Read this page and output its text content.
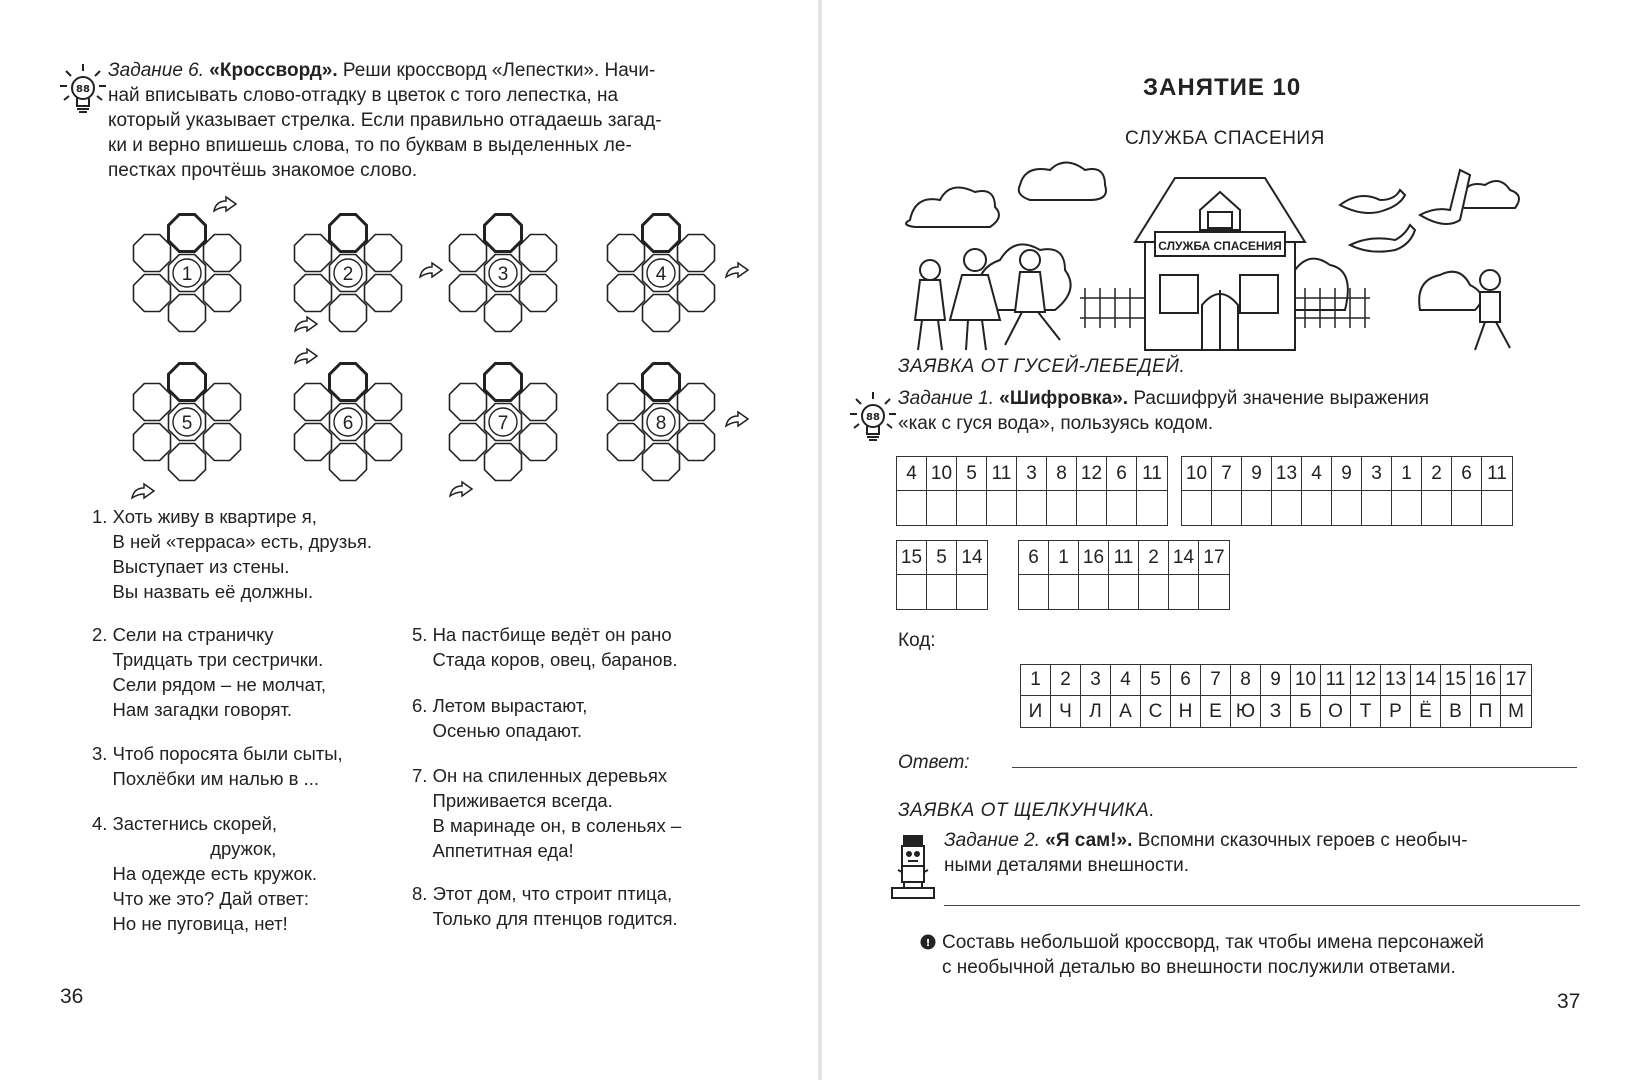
88
Задание 6. «Кроссворд». Реши кроссворд «Лепестки». Начи-
най вписывать слово-отгадку в цветок с того лепестка, на
который указывает стрелка. Если правильно отгадаешь загад-
ки и верно впишешь слова, то по буквам в выделенных ле-
пестках прочтёшь знакомое слово.
1	2	3	4
5	6	7	8
1. Хоть живу в квартире я,
В ней «терраса» есть, друзья.
Выступает из стены.
Вы назвать её должны.
2. Сели на страничку
Тридцать три сестрички.
Сели рядом – не молчат,
Нам загадки говорят.
3. Чтоб поросята были сыты,
Похлёбки им налью в ...
4. Застегнись скорей,
дружок,
На одежде есть кружок.
Что же это? Дай ответ:
Но не пуговица, нет!
5. На пастбище ведёт он рано
Стада коров, овец, баранов.
6. Летом вырастают,
Осенью опадают.
7. Он на спиленных деревьях
Приживается всегда.
В маринаде он, в соленьях –
Аппетитная еда!
8. Этот дом, что строит птица,
Только для птенцов годится.
36
ЗАНЯТИЕ 10
СЛУЖБА СПАСЕНИЯ
СЛУЖБА СПАСЕНИЯ
ЗАЯВКА ОТ ГУСЕЙ-ЛЕБЕДЕЙ.
88
Задание 1. «Шифровка». Расшифруй значение выражения
«как с гуся вода», пользуясь кодом.
4 10 5 11 3	8 12 6 11 10 7	9 13 4	9	3	1	2	6 11
15 5 14	6	1 16 11 2 14 17
Код:
1	2	3	4	5	6	7	8	9 10 11 12 13 14 15 16 17
И Ч Л А С Н Е Ю З Б О Т Р Ё В П М
Ответ:
ЗАЯВКА ОТ ЩЕЛКУНЧИКА.
Задание 2. «Я сам!». Вспомни сказочных героев с необыч-
ными деталями внешности.
! Составь небольшой кроссворд, так чтобы имена персонажей
с необычной деталью во внешности послужили ответами.
37
